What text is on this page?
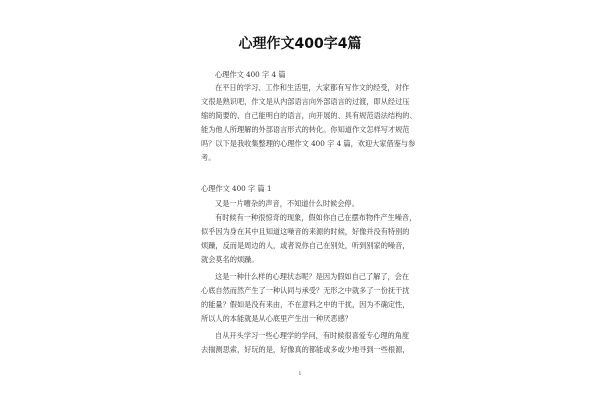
心理作文400字4篇
心理作文 400 字 4 篇
在平日的学习、工作和生活里，大家都有写作文的经受，对作
文很是熟识吧，作文是从内部语言向外部语言的过渡，即从经过压
缩的简要的、自己能明白的语言，向开展的、具有规范语法结构的、
能为他人所理解的外部语言形式的转化。你知道作文怎样写才规范
吗？以下是我收集整理的心理作文 400 字 4 篇，欢迎大家借鉴与参
考。
心理作文 400 字 篇 1
又是一片嘈杂的声音，不知道什么时候会停。
有时候有一种很惊奇的现象，假如你自己在摆布物件产生噪音，
似乎因为身在其中且知道这噪音的来源的时候，好像并没有特别的
烦躁，反而是周边的人，或者说你自己在别处，听到别家的噪音，
就会莫名的烦躁。
这是一种什么样的心理状态呢？是因为假如自己了解了，会在
心底自然而然产生了一种认同与承受？无形之中就多了一份抚干扰
的能量？假如是没有来由，不在意料之中的干扰，因为不确定性，
所以人的本能就是从心底里产生出一种厌恶感？
自从开头学习一些心理学的学问，有时候很喜爱专心理的角度
去揣测思索，好玩的是，好像真的都能或多或少地寻到一些根源，
1
